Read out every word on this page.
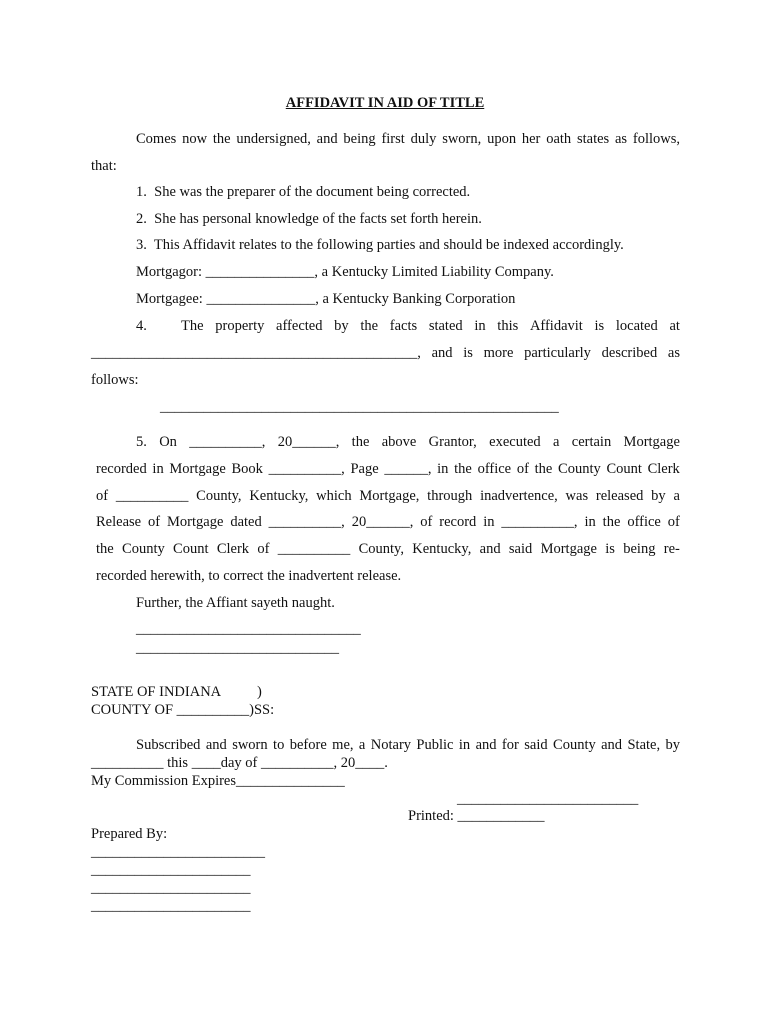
AFFIDAVIT IN AID OF TITLE
Comes now the undersigned, and being first duly sworn, upon her oath states as follows,
that:
1.  She was the preparer of the document being corrected.
2.  She has personal knowledge of the facts set forth herein.
3.  This Affidavit relates to the following parties and should be indexed accordingly.
Mortgagor: _______________, a Kentucky Limited Liability Company.
Mortgagee: _______________, a Kentucky Banking Corporation
4. The property affected by the facts stated in this Affidavit is located at
_____________________________________________, and is more particularly described as
follows:
_______________________________________________________
5. On __________, 20______, the above Grantor, executed a certain Mortgage
recorded in Mortgage Book __________, Page ______, in the office of the County Count Clerk
of __________ County, Kentucky, which Mortgage, through inadvertence, was released by a
Release of Mortgage dated __________, 20______, of record in __________, in the office of
the County Count Clerk of __________ County, Kentucky, and said Mortgage is being re-
recorded herewith, to correct the inadvertent release.
Further, the Affiant sayeth naught.
_______________________________
____________________________
STATE OF INDIANA )
COUNTY OF __________)SS:
Subscribed and sworn to before me, a Notary Public in and for said County and State, by
__________ this ____day of __________, 20____.
My Commission Expires_______________
_________________________
Printed: ____________
Prepared By:
________________________
______________________
______________________
______________________
